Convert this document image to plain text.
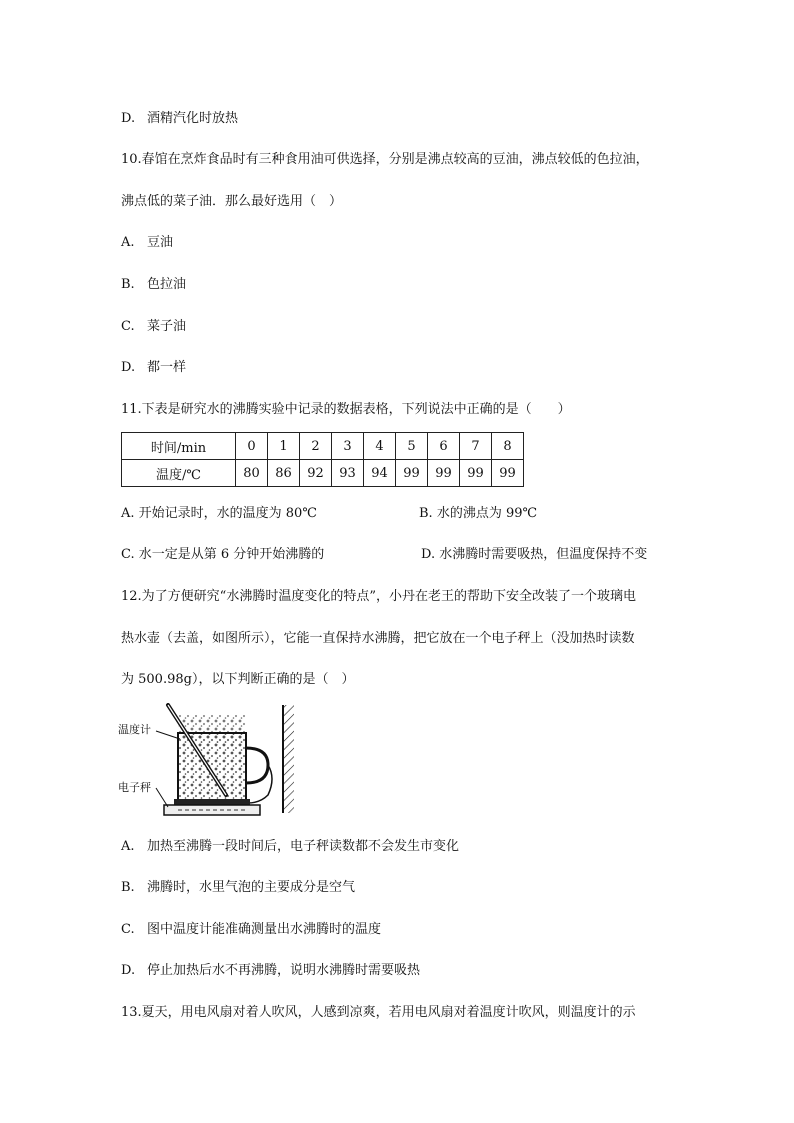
D. 酒精汽化时放热
10.春馆在烹炸食品时有三种食用油可供选择，分别是沸点较高的豆油，沸点较低的色拉油，
沸点低的菜子油．那么最好选用（　）
A. 豆油
B. 色拉油
C. 菜子油
D. 都一样
11.下表是研究水的沸腾实验中记录的数据表格，下列说法中正确的是（　　）
时间/min	0	1	2	3	4	5	6	7	8
温度/℃	80	86	92	93	94	99	99	99	99
A. 开始记录时，水的温度为 80℃	B. 水的沸点为 99℃
C. 水一定是从第 6 分钟开始沸腾的	D. 水沸腾时需要吸热，但温度保持不变
12.为了方便研究“水沸腾时温度变化的特点”，小丹在老王的帮助下安全改装了一个玻璃电
热水壶（去盖，如图所示），它能一直保持水沸腾，把它放在一个电子秤上（没加热时读数
为 500.98g），以下判断正确的是（　）
温度计
电子秤
A. 加热至沸腾一段时间后，电子秤读数都不会发生市变化
B. 沸腾时，水里气泡的主要成分是空气
C. 图中温度计能准确测量出水沸腾时的温度
D. 停止加热后水不再沸腾，说明水沸腾时需要吸热
13.夏天，用电风扇对着人吹风，人感到凉爽，若用电风扇对着温度计吹风，则温度计的示
